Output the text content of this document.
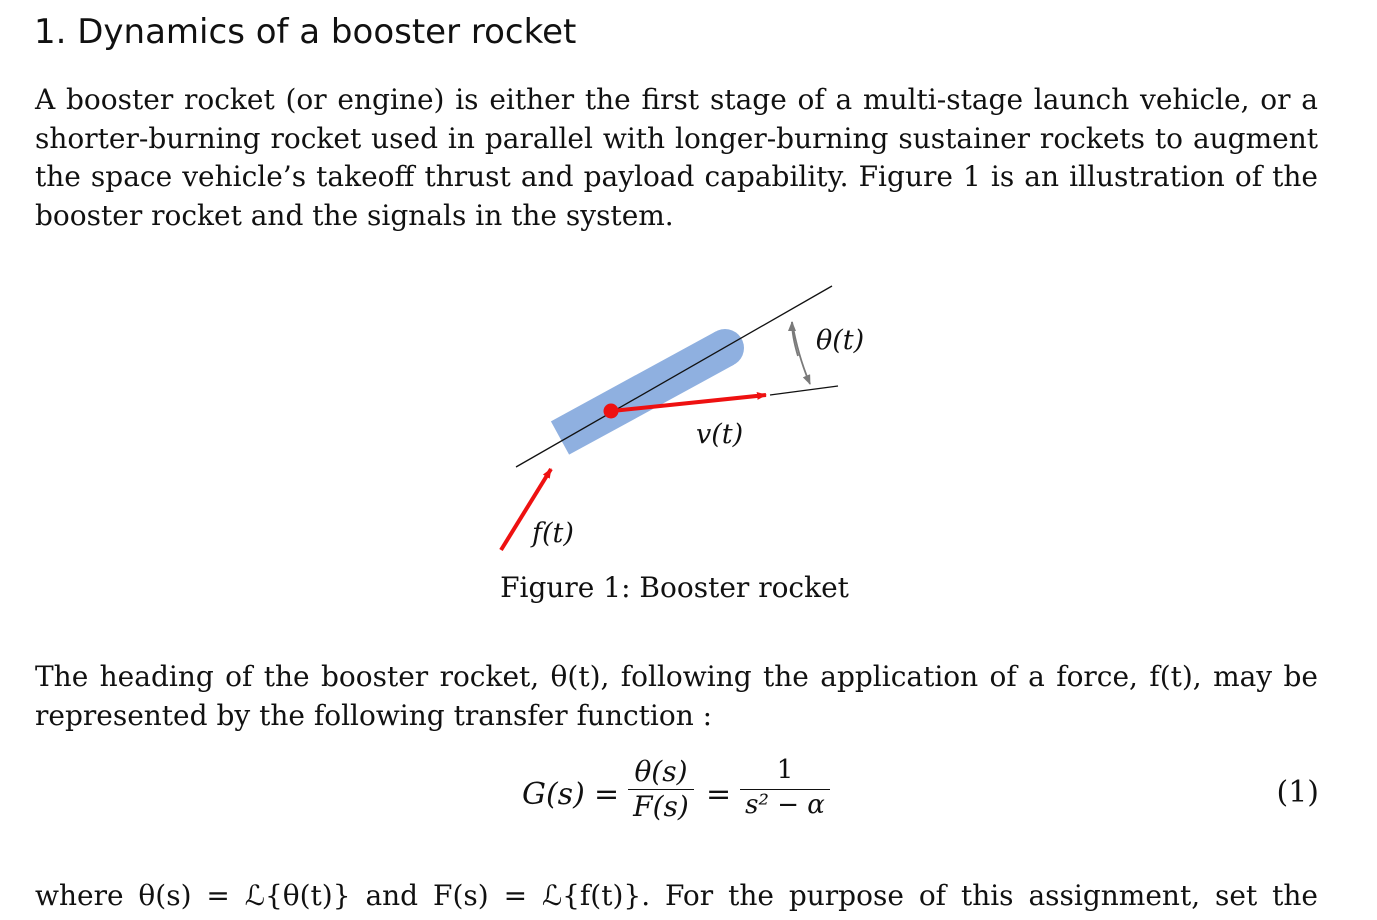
1. Dynamics of a booster rocket

A booster rocket (or engine) is either the first stage of a multi-stage launch vehicle, or a shorter-burning rocket used in parallel with longer-burning sustainer rockets to augment the space vehicle’s takeoff thrust and payload capability. Figure 1 is an illustration of the booster rocket and the signals in the system.

θ(t)
v(t)
f(t)
Figure 1: Booster rocket

The heading of the booster rocket, θ(t), following the application of a force, f(t), may be represented by the following transfer function :

G(s) =
θ(s)
F(s) =
1
s² − α	(1)

where θ(s) = ℒ{θ(t)} and F(s) = ℒ{f(t)}. For the purpose of this assignment, set the
